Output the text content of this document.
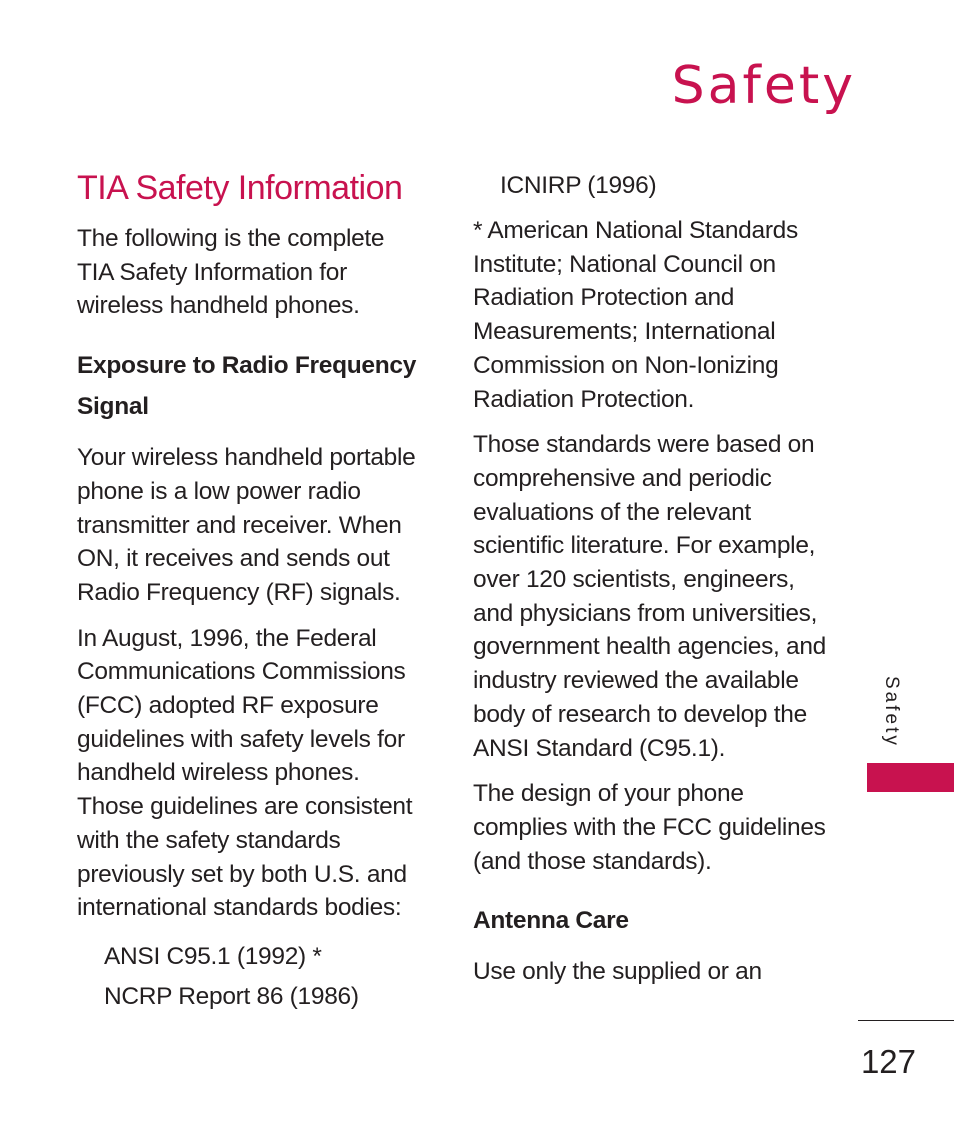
Safety
TIA Safety Information

The following is the complete TIA Safety Information for wireless handheld phones.

Exposure to Radio Frequency
Signal

Your wireless handheld portable phone is a low power radio transmitter and receiver. When ON, it receives and sends out Radio Frequency (RF) signals.

In August, 1996, the Federal Communications Commissions (FCC) adopted RF exposure guidelines with safety levels for handheld wireless phones. Those guidelines are consistent with the safety standards previously set by both U.S. and international standards bodies:

ANSI C95.1 (1992) *
NCRP Report 86 (1986)
ICNIRP (1996)

* American National Standards Institute; National Council on Radiation Protection and Measurements; International Commission on Non-Ionizing Radiation Protection.

Those standards were based on comprehensive and periodic evaluations of the relevant scientific literature. For example, over 120 scientists, engineers, and physicians from universities, government health agencies, and industry reviewed the available body of research to develop the ANSI Standard (C95.1).

The design of your phone complies with the FCC guidelines (and those standards).

Antenna Care

Use only the supplied or an

Safety
127
